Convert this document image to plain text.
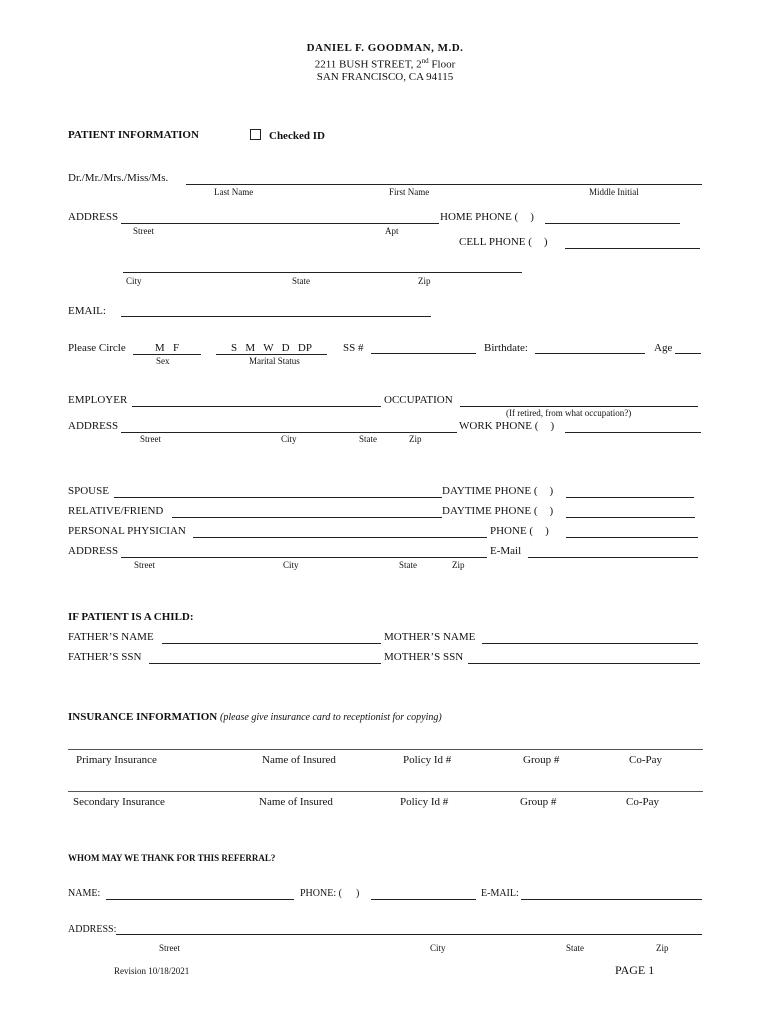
DANIEL F. GOODMAN, M.D.
2211 BUSH STREET, 2nd Floor
SAN FRANCISCO, CA 94115
PATIENT INFORMATION	Checked ID
Dr./Mr./Mrs./Miss/Ms.
Last Name	First Name	Middle Initial
ADDRESS	HOME PHONE ( )
Street	Apt
CELL PHONE ( )
City	State	Zip
EMAIL:
Please Circle	M   F
Sex
S   M   W   D   DP
Marital Status
SS #	Birthdate:	Age
EMPLOYER	OCCUPATION
(If retired, from what occupation?)
ADDRESS	WORK PHONE ( )
Street	City	State	Zip
SPOUSE	DAYTIME PHONE ( )
RELATIVE/FRIEND	DAYTIME PHONE ( )
PERSONAL PHYSICIAN	PHONE ( )
ADDRESS	E-Mail
Street	City	State	Zip
IF PATIENT IS A CHILD:
FATHER’S NAME	MOTHER’S NAME
FATHER’S SSN	MOTHER’S SSN
INSURANCE INFORMATION (please give insurance card to receptionist for copying)
Primary Insurance	Name of Insured	Policy Id #	Group #	Co-Pay
Secondary Insurance	Name of Insured	Policy Id #	Group #	Co-Pay
WHOM MAY WE THANK FOR THIS REFERRAL?
NAME:	PHONE: ( )	E-MAIL:
ADDRESS:
Street	City	State	Zip
Revision 10/18/2021	PAGE 1
